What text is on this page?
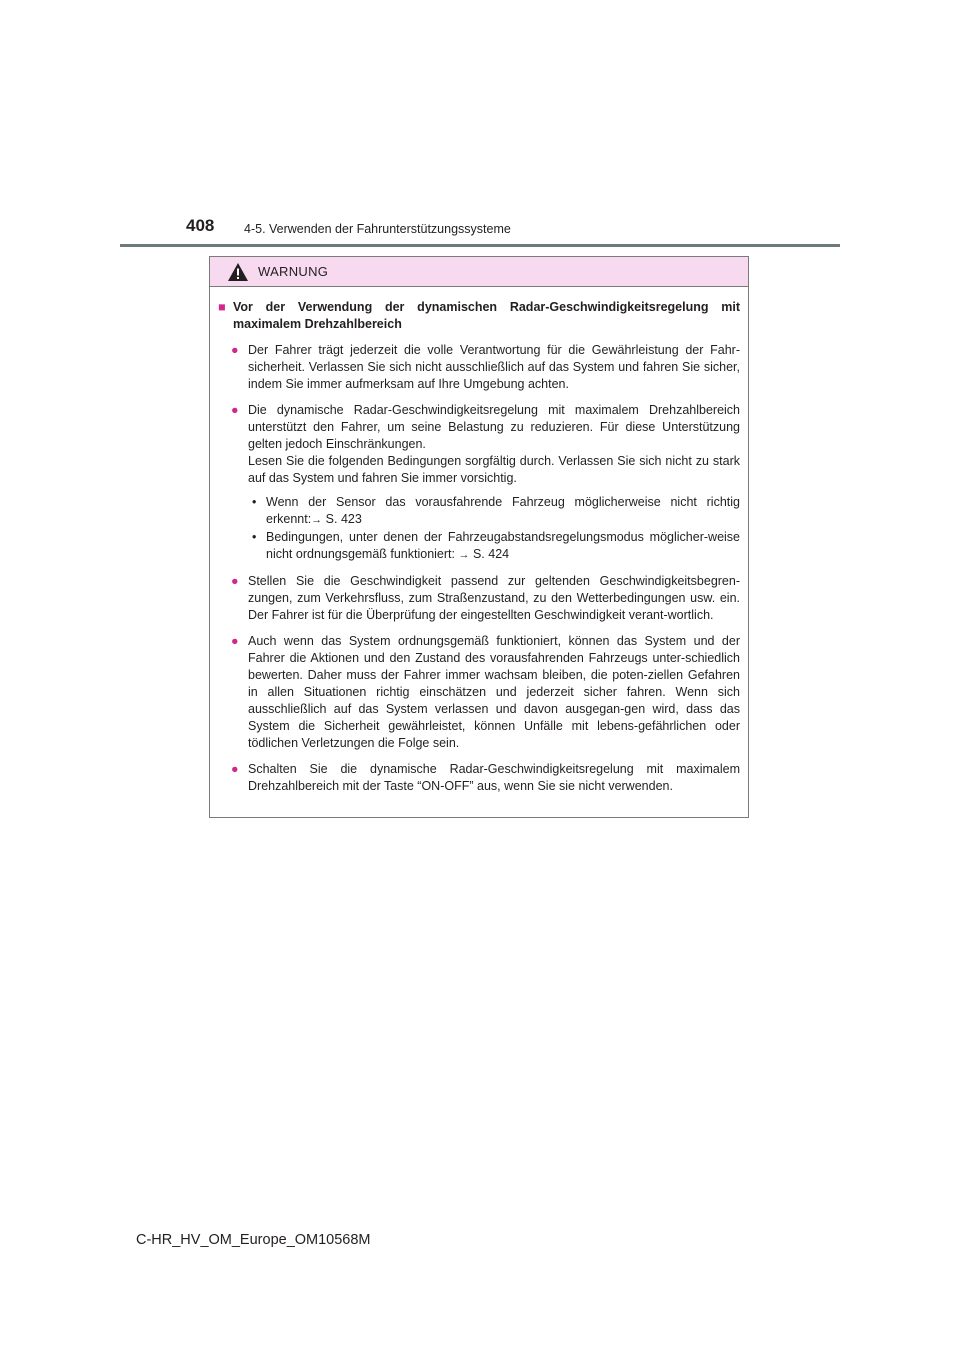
408 4-5. Verwenden der Fahrunterstützungssysteme
WARNUNG
■ Vor der Verwendung der dynamischen Radar-Geschwindigkeitsregelung mit maximalem Drehzahlbereich
● Der Fahrer trägt jederzeit die volle Verantwortung für die Gewährleistung der Fahr-sicherheit. Verlassen Sie sich nicht ausschließlich auf das System und fahren Sie sicher, indem Sie immer aufmerksam auf Ihre Umgebung achten.

● Die dynamische Radar-Geschwindigkeitsregelung mit maximalem Drehzahlbereich unterstützt den Fahrer, um seine Belastung zu reduzieren. Für diese Unterstützung gelten jedoch Einschränkungen.

Lesen Sie die folgenden Bedingungen sorgfältig durch. Verlassen Sie sich nicht zu stark auf das System und fahren Sie immer vorsichtig.

• Wenn der Sensor das vorausfahrende Fahrzeug möglicherweise nicht richtig erkennt:→ S. 423
• Bedingungen, unter denen der Fahrzeugabstandsregelungsmodus möglicher-weise nicht ordnungsgemäß funktioniert: → S. 424
● Stellen Sie die Geschwindigkeit passend zur geltenden Geschwindigkeitsbegren-zungen, zum Verkehrsfluss, zum Straßenzustand, zu den Wetterbedingungen usw. ein. Der Fahrer ist für die Überprüfung der eingestellten Geschwindigkeit verant-wortlich.

● Auch wenn das System ordnungsgemäß funktioniert, können das System und der Fahrer die Aktionen und den Zustand des vorausfahrenden Fahrzeugs unter-schiedlich bewerten. Daher muss der Fahrer immer wachsam bleiben, die poten-ziellen Gefahren in allen Situationen richtig einschätzen und jederzeit sicher fahren. Wenn sich ausschließlich auf das System verlassen und davon ausgegan-gen wird, dass das System die Sicherheit gewährleistet, können Unfälle mit lebens-gefährlichen oder tödlichen Verletzungen die Folge sein.

● Schalten Sie die dynamische Radar-Geschwindigkeitsregelung mit maximalem Drehzahlbereich mit der Taste “ON-OFF” aus, wenn Sie sie nicht verwenden.

C-HR_HV_OM_Europe_OM10568M
